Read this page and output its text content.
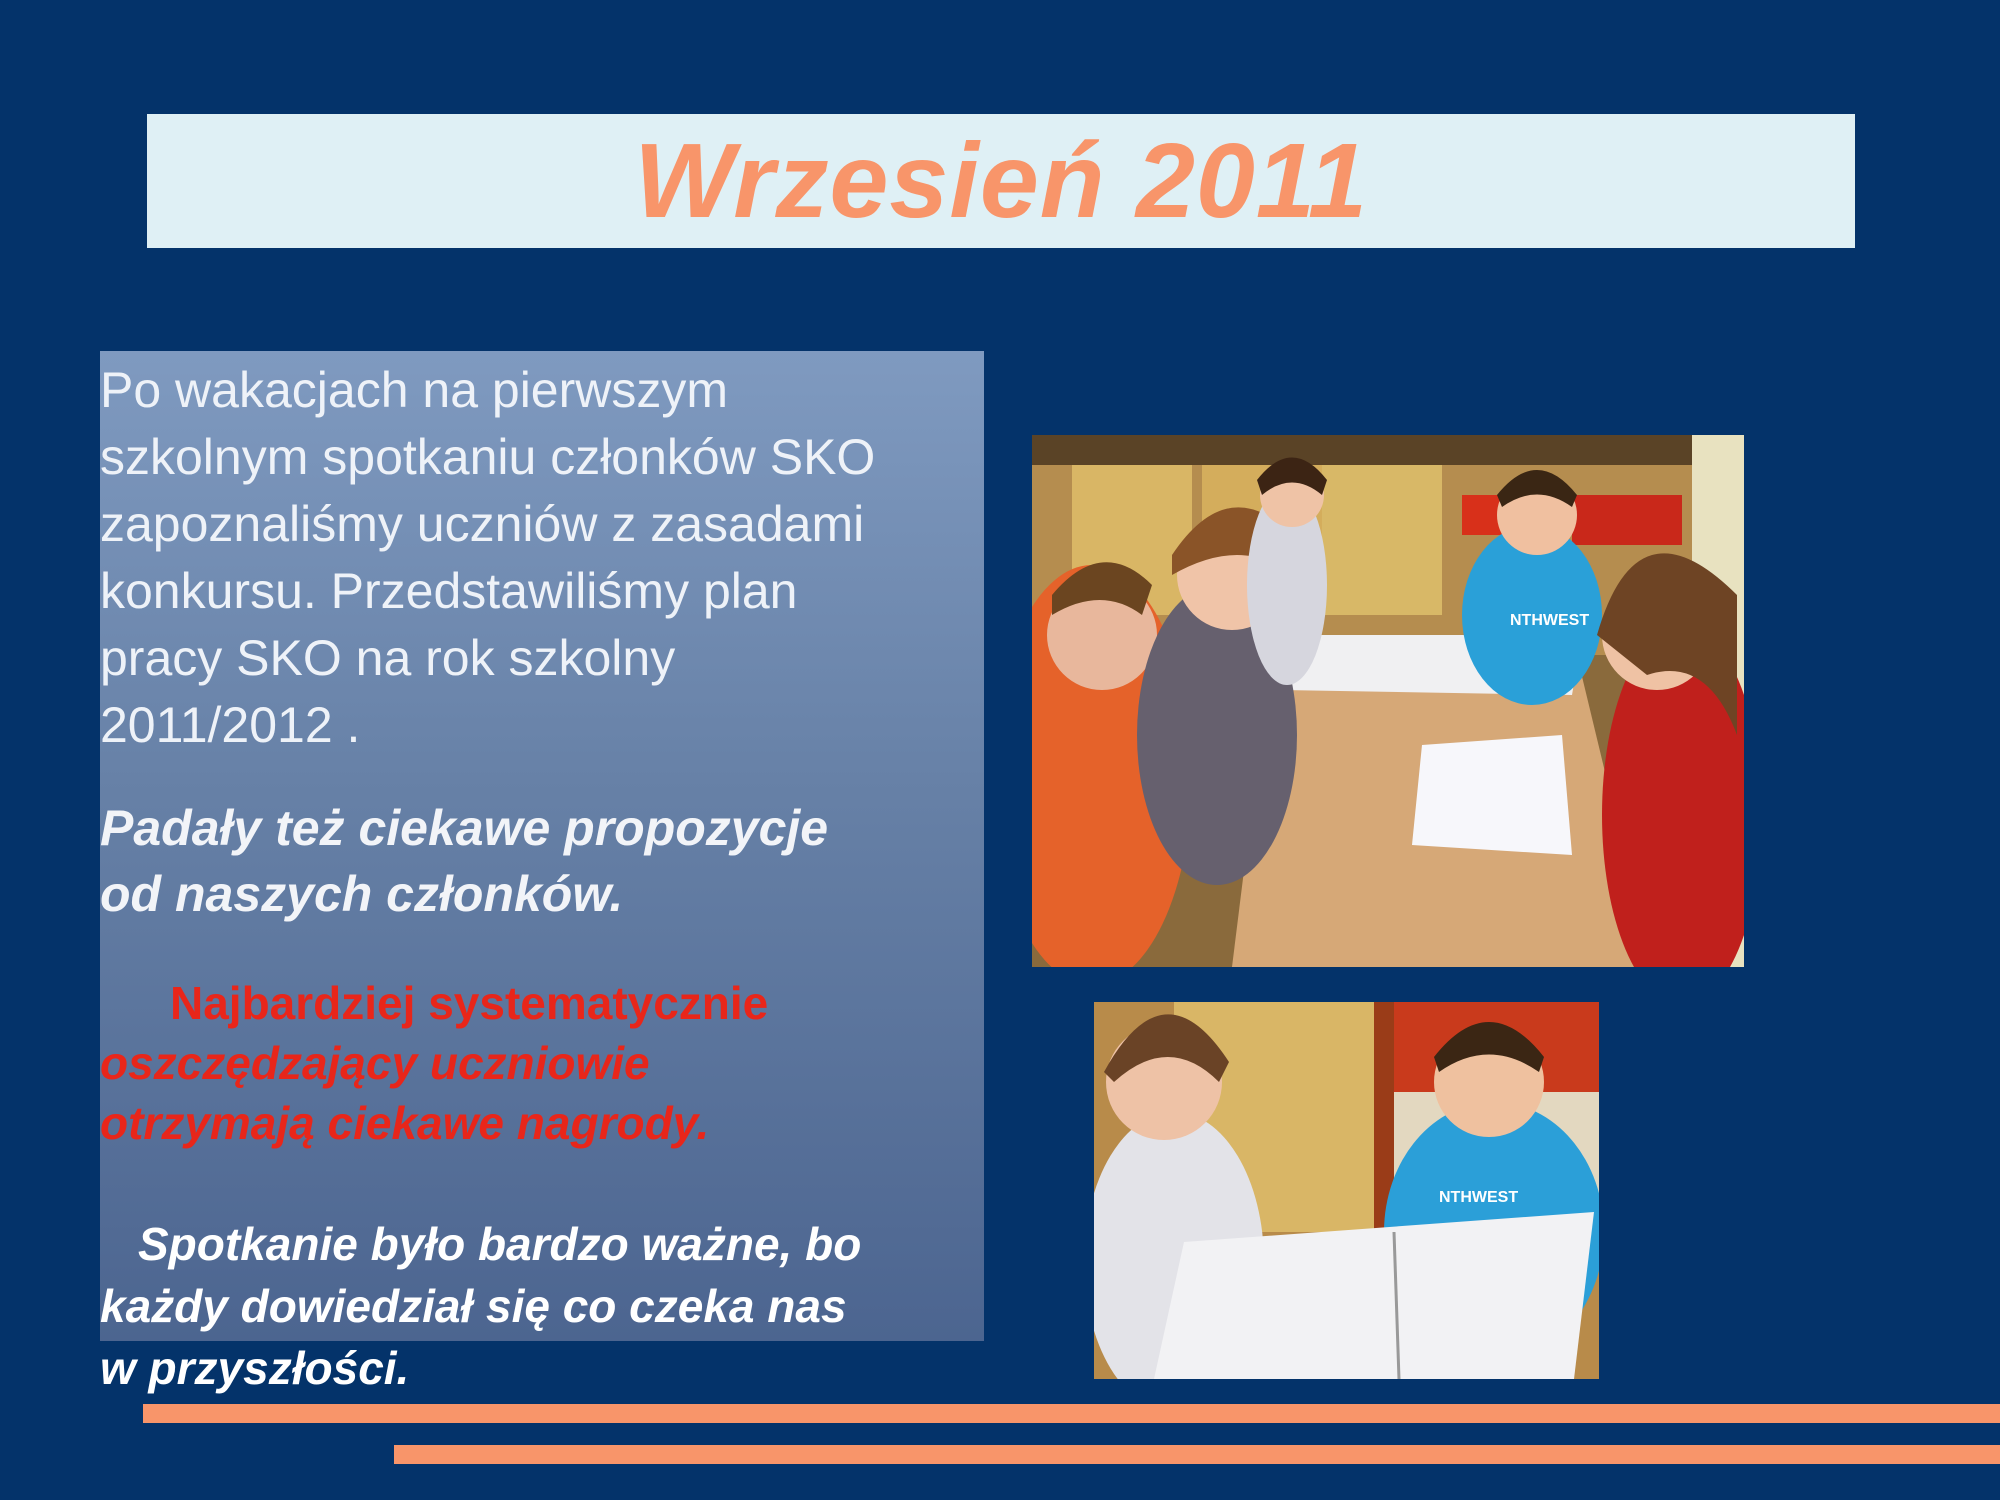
Wrzesień 2011

Po wakacjach na pierwszym
szkolnym spotkaniu członków SKO
zapoznaliśmy uczniów z zasadami
konkursu. Przedstawiliśmy plan
pracy SKO na rok szkolny
2011/2012 .

Padały też ciekawe propozycje
od naszych członków.

Najbardziej systematycznie
oszczędzający uczniowie
otrzymają ciekawe nagrody.

Spotkanie było bardzo ważne, bo
każdy dowiedział się co czeka nas
w przyszłości.

NTHWEST
NTHWEST
